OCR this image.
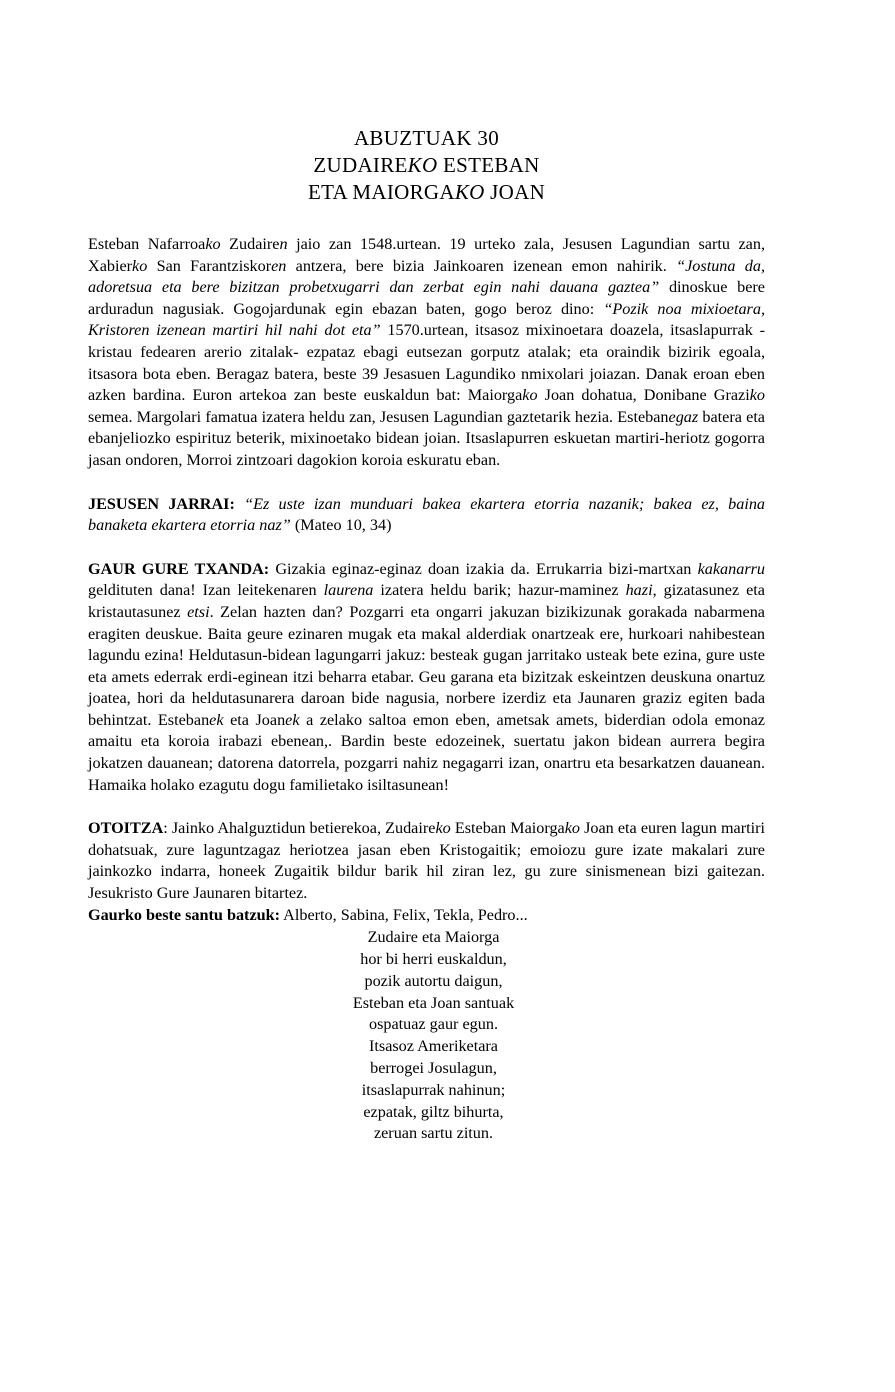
ABUZTUAK 30
ZUDAIREKO ESTEBAN
ETA MAIORGAKO JOAN

Esteban Nafarroako Zudairen jaio zan 1548.urtean. 19 urteko zala, Jesusen Lagundian sartu zan, Xabierko San Farantziskoren antzera, bere bizia Jainkoaren izenean emon nahirik. “Jostuna da, adoretsua eta bere bizitzan probetxugarri dan zerbat egin nahi dauana gaztea” dinoskue bere arduradun nagusiak. Gogojardunak egin ebazan baten, gogo beroz dino: “Pozik noa mixioetara, Kristoren izenean martiri hil nahi dot eta” 1570.urtean, itsasoz mixinoetara doazela, itsaslapurrak -kristau fedearen arerio zitalak- ezpataz ebagi eutsezan gorputz atalak; eta oraindik bizirik egoala, itsasora bota eben. Beragaz batera, beste 39 Jesasuen Lagundiko nmixolari joiazan. Danak eroan eben azken bardina. Euron artekoa zan beste euskaldun bat: Maiorgako Joan dohatua, Donibane Graziko semea. Margolari famatua izatera heldu zan, Jesusen Lagundian gaztetarik hezia. Estebanegaz batera eta ebanjeliozko espirituz beterik, mixinoetako bidean joian. Itsaslapurren eskuetan martiri-heriotz gogorra jasan ondoren, Morroi zintzoari dagokion koroia eskuratu eban.

JESUSEN JARRAI: “Ez uste izan munduari bakea ekartera etorria nazanik; bakea ez, baina banaketa ekartera etorria naz” (Mateo 10, 34)

GAUR GURE TXANDA: Gizakia eginaz-eginaz doan izakia da. Errukarria bizi-martxan kakanarru geldituten dana! Izan leitekenaren laurena izatera heldu barik; hazur-maminez hazi, gizatasunez eta kristautasunez etsi. Zelan hazten dan? Pozgarri eta ongarri jakuzan bizikizunak gorakada nabarmena eragiten deuskue. Baita geure ezinaren mugak eta makal alderdiak onartzeak ere, hurkoari nahibestean lagundu ezina! Heldutasun-bidean lagungarri jakuz: besteak gugan jarritako usteak bete ezina, gure uste eta amets ederrak erdi-eginean itzi beharra etabar. Geu garana eta bizitzak eskeintzen deuskuna onartuz joatea, hori da heldutasunarera daroan bide nagusia, norbere izerdiz eta Jaunaren graziz egiten bada behintzat. Estebanek eta Joanek a zelako saltoa emon eben, ametsak amets, biderdian odola emonaz amaitu eta koroia irabazi ebenean,. Bardin beste edozeinek, suertatu jakon bidean aurrera begira jokatzen dauanean; datorena datorrela, pozgarri nahiz negagarri izan, onartru eta besarkatzen dauanean. Hamaika holako ezagutu dogu familietako isiltasunean!

OTOITZA: Jainko Ahalguztidun betierekoa, Zudaireko Esteban Maiorgako Joan eta euren lagun martiri dohatsuak, zure laguntzagaz heriotzea jasan eben Kristogaitik; emoiozu gure izate makalari zure jainkozko indarra, honeek Zugaitik bildur barik hil ziran lez, gu zure sinismenean bizi gaitezan. Jesukristo Gure Jaunaren bitartez.

Gaurko beste santu batzuk: Alberto, Sabina, Felix, Tekla, Pedro...

Zudaire eta Maiorga
hor bi herri euskaldun,
pozik autortu daigun,
Esteban eta Joan santuak
ospatuaz gaur egun.
Itsasoz Ameriketara
berrogei Josulagun,
itsaslapurrak nahinun;
ezpatak, giltz bihurta,
zeruan sartu zitun.
